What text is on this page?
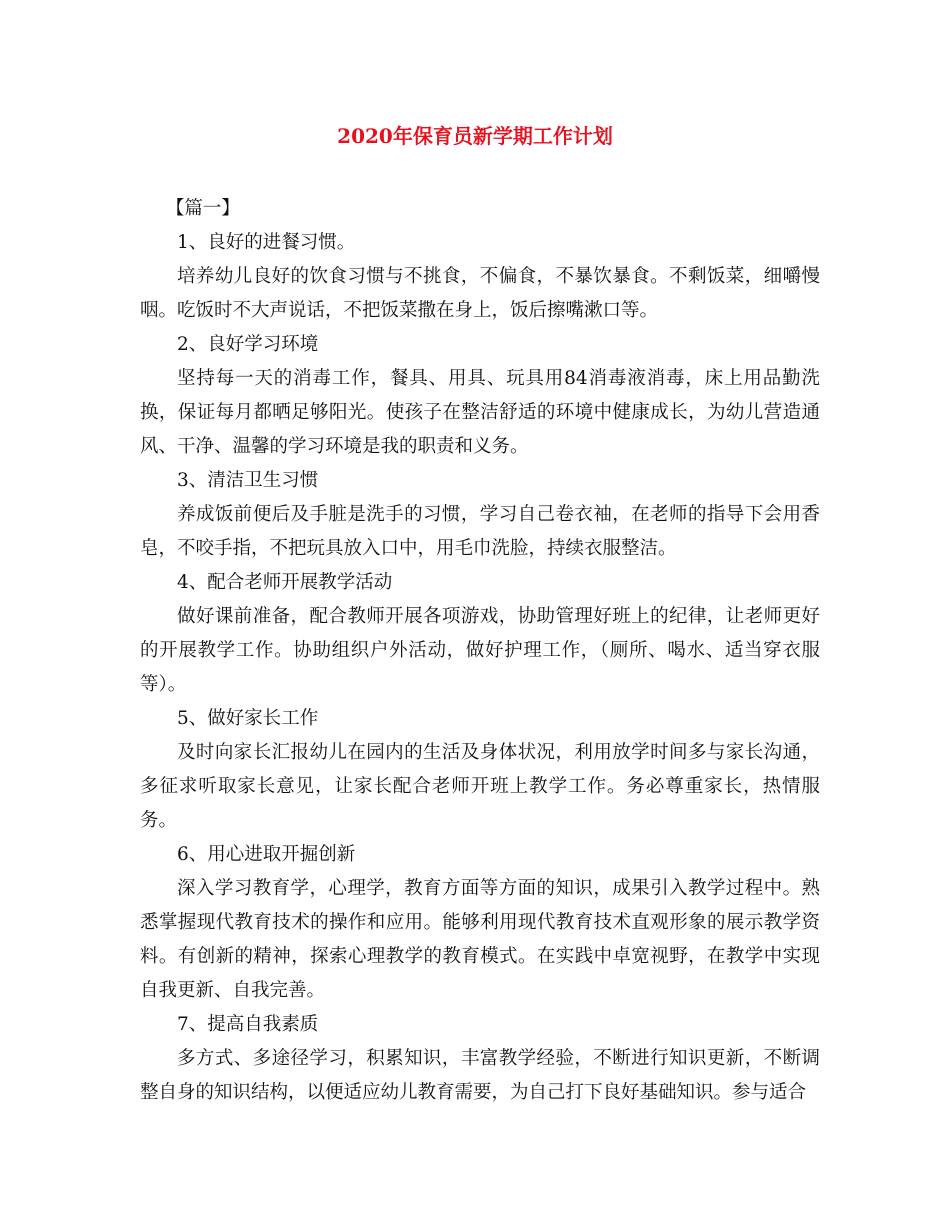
2020年保育员新学期工作计划

【篇一】

1、良好的进餐习惯。

培养幼儿良好的饮食习惯与不挑食，不偏食，不暴饮暴食。不剩饭菜，细嚼慢咽。吃饭时不大声说话，不把饭菜撒在身上，饭后擦嘴漱口等。

2、良好学习环境

坚持每一天的消毒工作，餐具、用具、玩具用84消毒液消毒，床上用品勤洗换，保证每月都晒足够阳光。使孩子在整洁舒适的环境中健康成长，为幼儿营造通风、干净、温馨的学习环境是我的职责和义务。

3、清洁卫生习惯

养成饭前便后及手脏是洗手的习惯，学习自己卷衣袖，在老师的指导下会用香皂，不咬手指，不把玩具放入口中，用毛巾洗脸，持续衣服整洁。

4、配合老师开展教学活动

做好课前准备，配合教师开展各项游戏，协助管理好班上的纪律，让老师更好的开展教学工作。协助组织户外活动，做好护理工作，（厕所、喝水、适当穿衣服等）。

5、做好家长工作

及时向家长汇报幼儿在园内的生活及身体状况，利用放学时间多与家长沟通，多征求听取家长意见，让家长配合老师开班上教学工作。务必尊重家长，热情服务。

6、用心进取开掘创新

深入学习教育学，心理学，教育方面等方面的知识，成果引入教学过程中。熟悉掌握现代教育技术的操作和应用。能够利用现代教育技术直观形象的展示教学资料。有创新的精神，探索心理教学的教育模式。在实践中卓宽视野，在教学中实现自我更新、自我完善。

7、提高自我素质

多方式、多途径学习，积累知识，丰富教学经验，不断进行知识更新，不断调整自身的知识结构，以便适应幼儿教育需要，为自己打下良好基础知识。参与适合
